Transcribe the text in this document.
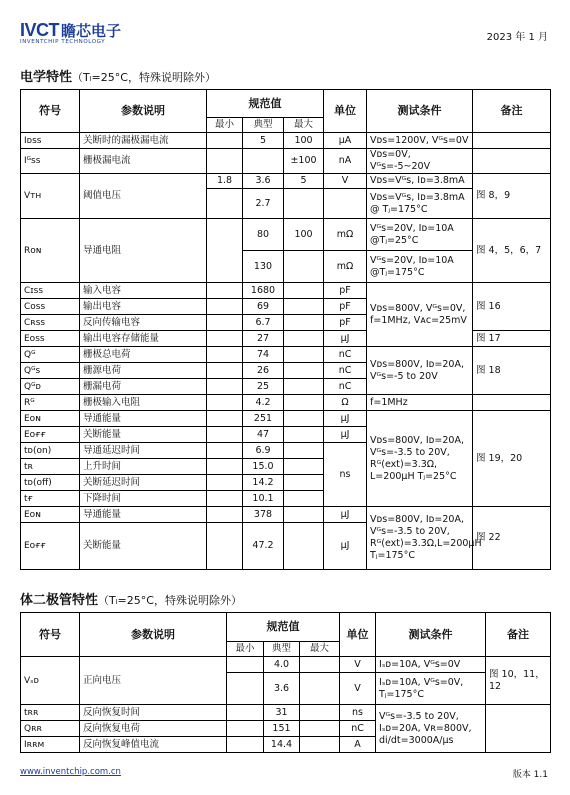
IVCT 瞻芯电子
INVENTCHIP TECHNOLOGY	2023 年 1 月
电学特性（Tₗ=25°C，特殊说明除外）
符号	参数说明	规范值			单位	测试条件	备注
		最小	典型	最大			
Iᴅss	关断时的漏极漏电流		5	100	μA	Vᴅs=1200V, Vᴳs=0V	
Iᴳss	栅极漏电流			±100	nA	Vᴅs=0V, Vᴳs=-5~20V	
Vᴛʜ	阈值电压	1.8	3.6	5	V	Vᴅs=Vᴳs, Iᴅ=3.8mA	图 8，9
			2.7			Vᴅs=Vᴳs, Iᴅ=3.8mA @ Tⱼ=175°C	
Rᴏɴ	导通电阻		80	100	mΩ	Vᴳs=20V, Iᴅ=10A @Tⱼ=25°C	图 4，5，6，7
			130		mΩ	Vᴳs=20V, Iᴅ=10A @Tⱼ=175°C	
Cɪss	输入电容		1680		pF	Vᴅs=800V, Vᴳs=0V, f=1MHz, Vᴀᴄ=25mV	图 16
Cᴏss	输出电容		69		pF		
Cʀss	反向传输电容		6.7		pF		
Eᴏss	输出电容存储能量		27		μJ		图 17
Qᴳ	栅极总电荷		74		nC	Vᴅs=800V, Iᴅ=20A, Vᴳs=-5 to 20V	图 18
Qᴳs	栅源电荷		26		nC		
Qᴳᴅ	栅漏电荷		25		nC		
Rᴳ	栅极输入电阻		4.2		Ω	f=1MHz	
Eᴏɴ	导通能量		251		μJ	Vᴅs=800V, Iᴅ=20A, Vᴳs=-3.5 to 20V, Rᴳ(ext)=3.3Ω, L=200μH Tⱼ=25°C	图 19，20
Eᴏғғ	关断能量		47		μJ		
tᴅ(on)	导通延迟时间		6.9		ns		
tʀ	上升时间		15.0				
tᴅ(off)	关断延迟时间		14.2				
tғ	下降时间		10.1				
Eᴏɴ	导通能量		378		μJ	Vᴅs=800V, Iᴅ=20A, Vᴳs=-3.5 to 20V, Rᴳ(ext)=3.3Ω,L=200μH Tⱼ=175°C	图 22
Eᴏғғ	关断能量		47.2		μJ		
体二极管特性（Tₗ=25°C，特殊说明除外）
符号	参数说明	规范值			单位	测试条件	备注
		最小	典型	最大			
Vₛᴅ	正向电压		4.0		V	Iₛᴅ=10A, Vᴳs=0V	图 10，11，12
			3.6		V	Iₛᴅ=10A, Vᴳs=0V, Tⱼ=175°C	
tʀʀ	反向恢复时间		31		ns	Vᴳs=-3.5 to 20V, Iₛᴅ=20A, Vʀ=800V, di/dt=3000A/μs	
Qʀʀ	反向恢复电荷		151		nC		
Iʀʀᴍ	反向恢复峰值电流		14.4		A		
www.inventchip.com.cn	版本 1.1
